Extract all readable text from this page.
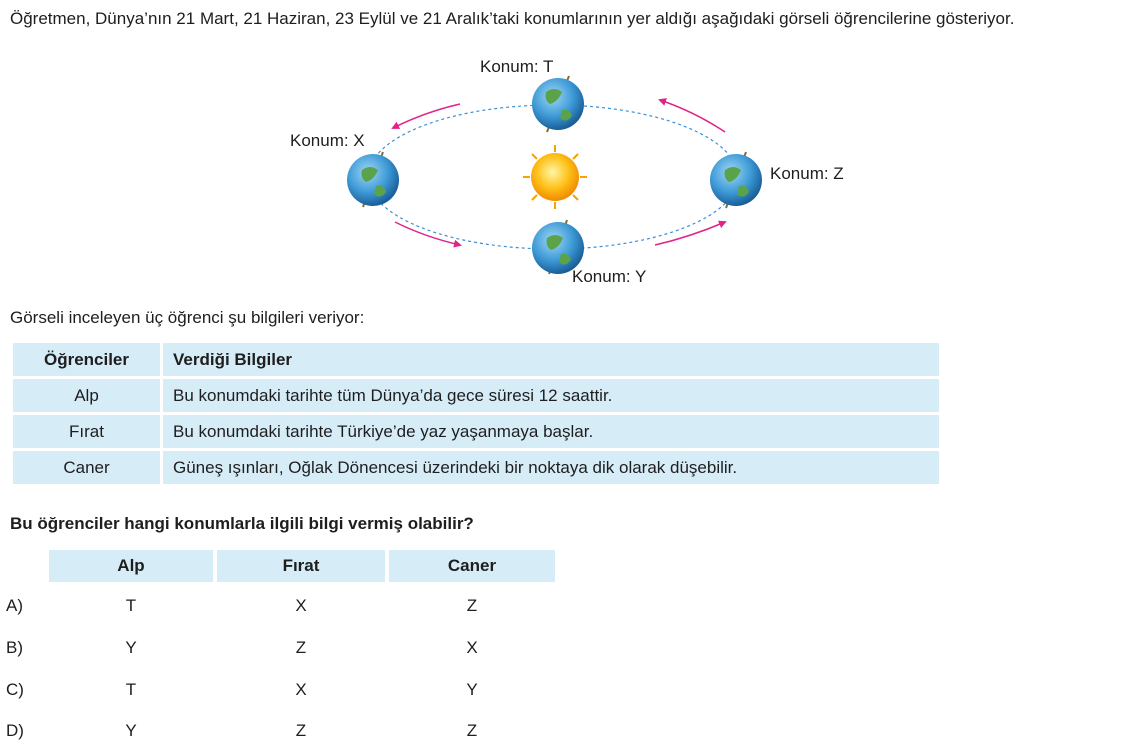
Öğretmen, Dünya’nın 21 Mart, 21 Haziran, 23 Eylül ve 21 Aralık’taki konumlarının yer aldığı aşağıdaki görseli öğrencilerine gösteriyor.

Konum: T
Konum: X
Konum: Z
Konum: Y

Görseli inceleyen üç öğrenci şu bilgileri veriyor:

Öğrenciler	Verdiği Bilgiler
Alp	Bu konumdaki tarihte tüm Dünya’da gece süresi 12 saattir.
Fırat	Bu konumdaki tarihte Türkiye’de yaz yaşanmaya başlar.
Caner	Güneş ışınları, Oğlak Dönencesi üzerindeki bir noktaya dik olarak düşebilir.

Bu öğrenciler hangi konumlarla ilgili bilgi vermiş olabilir?

Alp		Fırat		Caner
A)	T	X	Z
B)	Y	Z	X
C)	T	X	Y
D)	Y	Z	Z
